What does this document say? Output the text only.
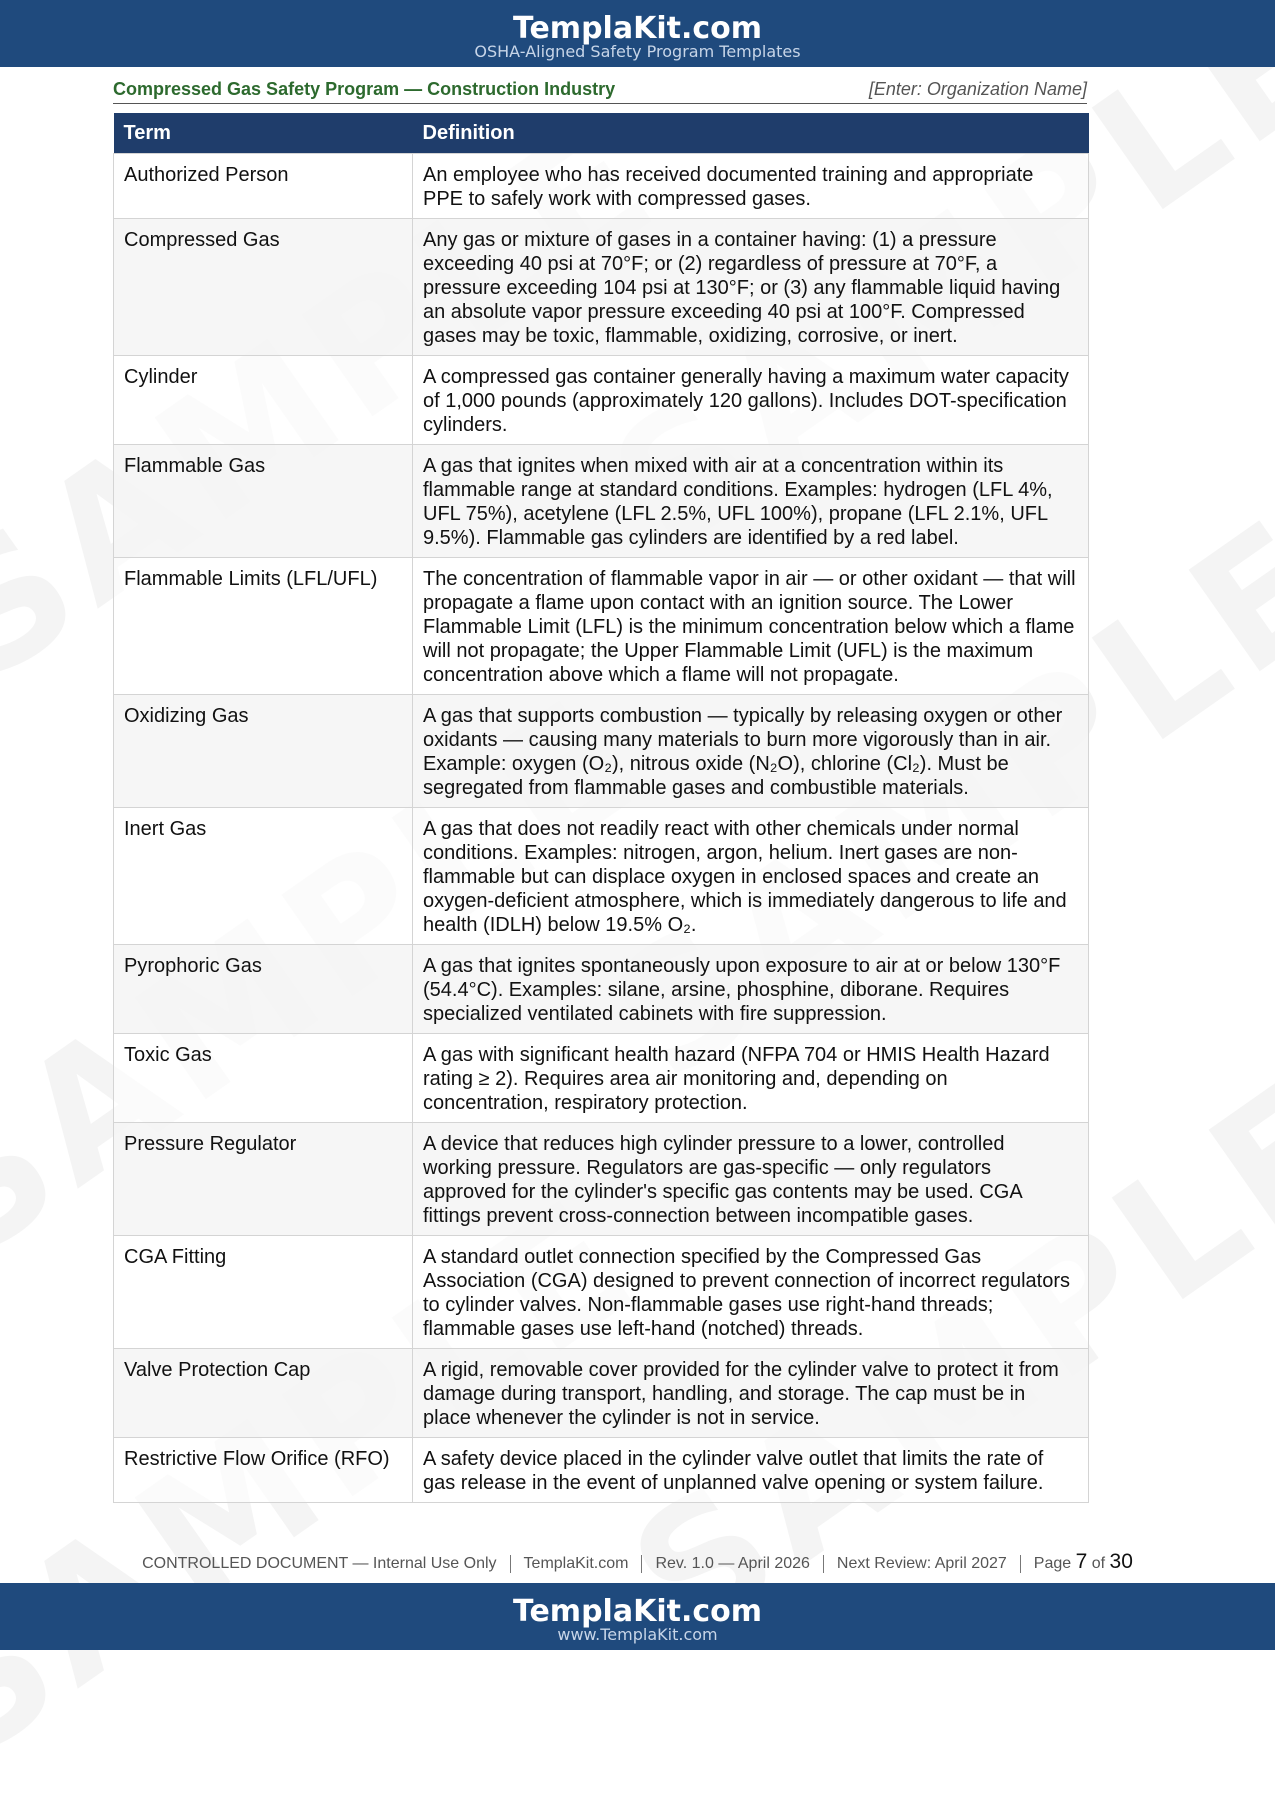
TemplaKit.com
OSHA-Aligned Safety Program Templates
Compressed Gas Safety Program — Construction Industry	[Enter: Organization Name]
Term	Definition
Authorized Person	An employee who has received documented training and appropriate PPE to safely work with compressed gases.
Compressed Gas	Any gas or mixture of gases in a container having: (1) a pressure exceeding 40 psi at 70°F; or (2) regardless of pressure at 70°F, a pressure exceeding 104 psi at 130°F; or (3) any flammable liquid having an absolute vapor pressure exceeding 40 psi at 100°F. Compressed gases may be toxic, flammable, oxidizing, corrosive, or inert.
Cylinder	A compressed gas container generally having a maximum water capacity of 1,000 pounds (approximately 120 gallons). Includes DOT-specification cylinders.
Flammable Gas	A gas that ignites when mixed with air at a concentration within its flammable range at standard conditions. Examples: hydrogen (LFL 4%, UFL 75%), acetylene (LFL 2.5%, UFL 100%), propane (LFL 2.1%, UFL 9.5%). Flammable gas cylinders are identified by a red label.
Flammable Limits (LFL/UFL)	The concentration of flammable vapor in air — or other oxidant — that will propagate a flame upon contact with an ignition source. The Lower Flammable Limit (LFL) is the minimum concentration below which a flame will not propagate; the Upper Flammable Limit (UFL) is the maximum concentration above which a flame will not propagate.
Oxidizing Gas	A gas that supports combustion — typically by releasing oxygen or other oxidants — causing many materials to burn more vigorously than in air. Example: oxygen (O₂), nitrous oxide (N₂O), chlorine (Cl₂). Must be segregated from flammable gases and combustible materials.
Inert Gas	A gas that does not readily react with other chemicals under normal conditions. Examples: nitrogen, argon, helium. Inert gases are non-flammable but can displace oxygen in enclosed spaces and create an oxygen-deficient atmosphere, which is immediately dangerous to life and health (IDLH) below 19.5% O₂.
Pyrophoric Gas	A gas that ignites spontaneously upon exposure to air at or below 130°F (54.4°C). Examples: silane, arsine, phosphine, diborane. Requires specialized ventilated cabinets with fire suppression.
Toxic Gas	A gas with significant health hazard (NFPA 704 or HMIS Health Hazard rating ≥ 2). Requires area air monitoring and, depending on concentration, respiratory protection.
Pressure Regulator	A device that reduces high cylinder pressure to a lower, controlled working pressure. Regulators are gas-specific — only regulators approved for the cylinder's specific gas contents may be used. CGA fittings prevent cross-connection between incompatible gases.
CGA Fitting	A standard outlet connection specified by the Compressed Gas Association (CGA) designed to prevent connection of incorrect regulators to cylinder valves. Non-flammable gases use right-hand threads; flammable gases use left-hand (notched) threads.
Valve Protection Cap	A rigid, removable cover provided for the cylinder valve to protect it from damage during transport, handling, and storage. The cap must be in place whenever the cylinder is not in service.
Restrictive Flow Orifice (RFO)	A safety device placed in the cylinder valve outlet that limits the rate of gas release in the event of unplanned valve opening or system failure.
CONTROLLED DOCUMENT — Internal Use Only TemplaKit.com Rev. 1.0 — April 2026 Next Review: April 2027 Page 7 of 30
TemplaKit.com
www.TemplaKit.com
